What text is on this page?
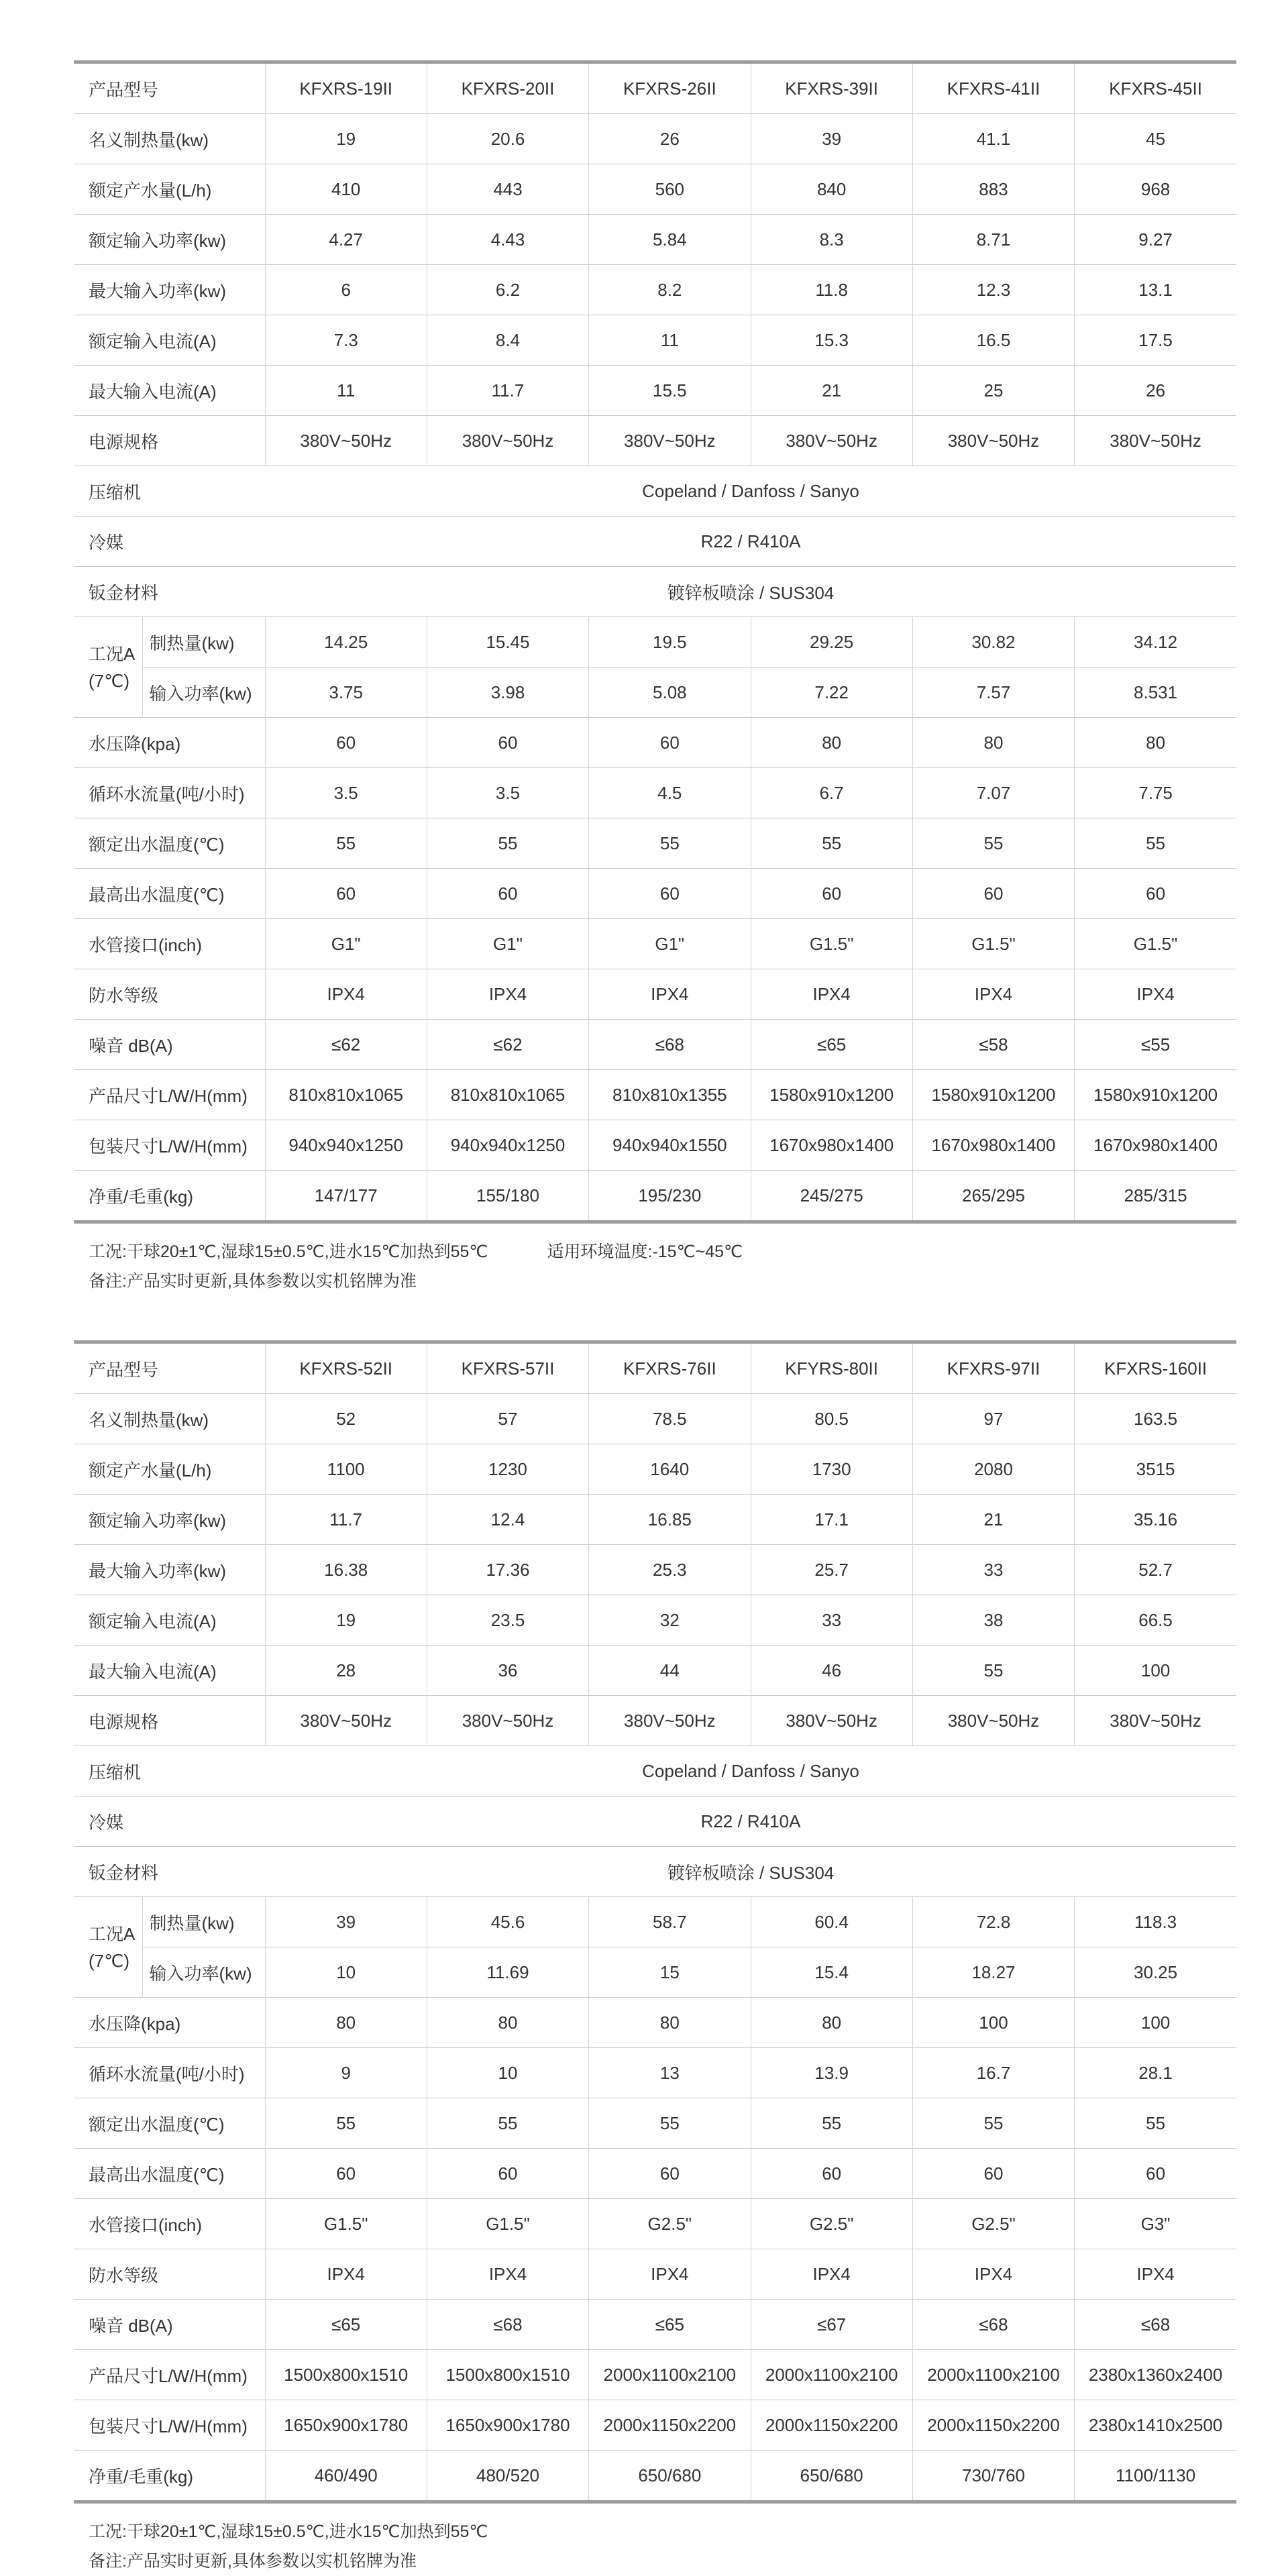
产品型号		KFXRS-19II	KFXRS-20II	KFXRS-26II	KFXRS-39II	KFXRS-41II	KFXRS-45II
名义制热量(kw)		19	20.6	26	39	41.1	45
额定产水量(L/h)		410	443	560	840	883	968
额定输入功率(kw)		4.27	4.43	5.84	8.3	8.71	9.27
最大输入功率(kw)		6	6.2	8.2	11.8	12.3	13.1
额定输入电流(A)		7.3	8.4	11	15.3	16.5	17.5
最大输入电流(A)		11	11.7	15.5	21	25	26
电源规格		380V~50Hz	380V~50Hz	380V~50Hz	380V~50Hz	380V~50Hz	380V~50Hz
压缩机		Copeland / Danfoss / Sanyo					
冷媒		R22 / R410A					
钣金材料		镀锌板喷涂 / SUS304					

工况A
(7℃)	制热量(kw)	14.25	15.45	19.5	29.25	30.82	34.12
	输入功率(kw)	3.75	3.98	5.08	7.22	7.57	8.531
水压降(kpa)		60	60	60	80	80	80
循环水流量(吨/小时)		3.5	3.5	4.5	6.7	7.07	7.75
额定出水温度(℃)		55	55	55	55	55	55
最高出水温度(℃)		60	60	60	60	60	60
水管接口(inch)		G1"	G1"	G1"	G1.5"	G1.5"	G1.5"
防水等级		IPX4	IPX4	IPX4	IPX4	IPX4	IPX4
噪音 dB(A)		≤62	≤62	≤68	≤65	≤58	≤55
产品尺寸L/W/H(mm)		810x810x1065	810x810x1065	810x810x1355	1580x910x1200	1580x910x1200	1580x910x1200
包装尺寸L/W/H(mm)		940x940x1250	940x940x1250	940x940x1550	1670x980x1400	1670x980x1400	1670x980x1400
净重/毛重(kg)		147/177	155/180	195/230	245/275	265/295	285/315
工况:干球20±1℃,湿球15±0.5℃,进水15℃加热到55℃	适用环境温度:-15℃~45℃
备注:产品实时更新,具体参数以实机铭牌为准
产品型号		KFXRS-52II	KFXRS-57II	KFXRS-76II	KFYRS-80II	KFXRS-97II	KFXRS-160II
名义制热量(kw)		52	57	78.5	80.5	97	163.5
额定产水量(L/h)		1100	1230	1640	1730	2080	3515
额定输入功率(kw)		11.7	12.4	16.85	17.1	21	35.16
最大输入功率(kw)		16.38	17.36	25.3	25.7	33	52.7
额定输入电流(A)		19	23.5	32	33	38	66.5
最大输入电流(A)		28	36	44	46	55	100
电源规格		380V~50Hz	380V~50Hz	380V~50Hz	380V~50Hz	380V~50Hz	380V~50Hz
压缩机		Copeland / Danfoss / Sanyo					
冷媒		R22 / R410A					
钣金材料		镀锌板喷涂 / SUS304					

工况A
(7℃)	制热量(kw)	39	45.6	58.7	60.4	72.8	118.3
	输入功率(kw)	10	11.69	15	15.4	18.27	30.25
水压降(kpa)		80	80	80	80	100	100
循环水流量(吨/小时)		9	10	13	13.9	16.7	28.1
额定出水温度(℃)		55	55	55	55	55	55
最高出水温度(℃)		60	60	60	60	60	60
水管接口(inch)		G1.5"	G1.5"	G2.5"	G2.5"	G2.5"	G3"
防水等级		IPX4	IPX4	IPX4	IPX4	IPX4	IPX4
噪音 dB(A)		≤65	≤68	≤65	≤67	≤68	≤68
产品尺寸L/W/H(mm)		1500x800x1510	1500x800x1510	2000x1100x2100	2000x1100x2100	2000x1100x2100	2380x1360x2400
包装尺寸L/W/H(mm)		1650x900x1780	1650x900x1780	2000x1150x2200	2000x1150x2200	2000x1150x2200	2380x1410x2500
净重/毛重(kg)		460/490	480/520	650/680	650/680	730/760	1100/1130
工况:干球20±1℃,湿球15±0.5℃,进水15℃加热到55℃
备注:产品实时更新,具体参数以实机铭牌为准
